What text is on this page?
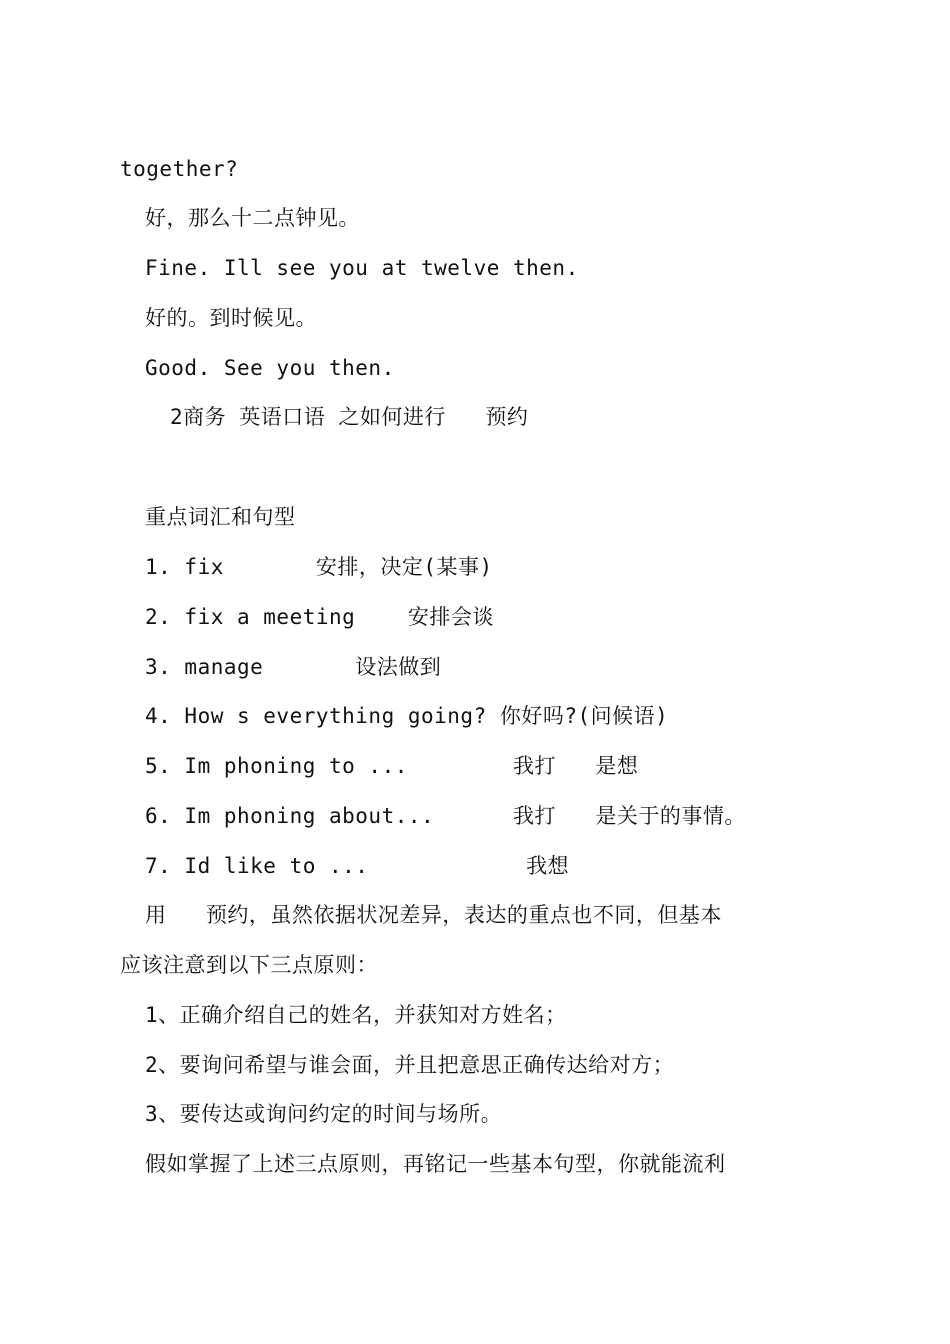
together?
好，那么十二点钟见。
Fine. Ill see you at twelve then.
好的。到时候见。
Good. See you then.
2商务 英语口语 之如何进行   预约
重点词汇和句型
1. fix       安排，决定(某事)
2. fix a meeting    安排会谈
3. manage       设法做到
4. How s everything going? 你好吗?(问候语)
5. Im phoning to ...        我打   是想
6. Im phoning about...      我打   是关于的事情。
7. Id like to ...            我想
用   预约，虽然依据状况差异，表达的重点也不同，但基本
应该注意到以下三点原则：
1、正确介绍自己的姓名，并获知对方姓名；
2、要询问希望与谁会面，并且把意思正确传达给对方；
3、要传达或询问约定的时间与场所。
假如掌握了上述三点原则，再铭记一些基本句型，你就能流利
